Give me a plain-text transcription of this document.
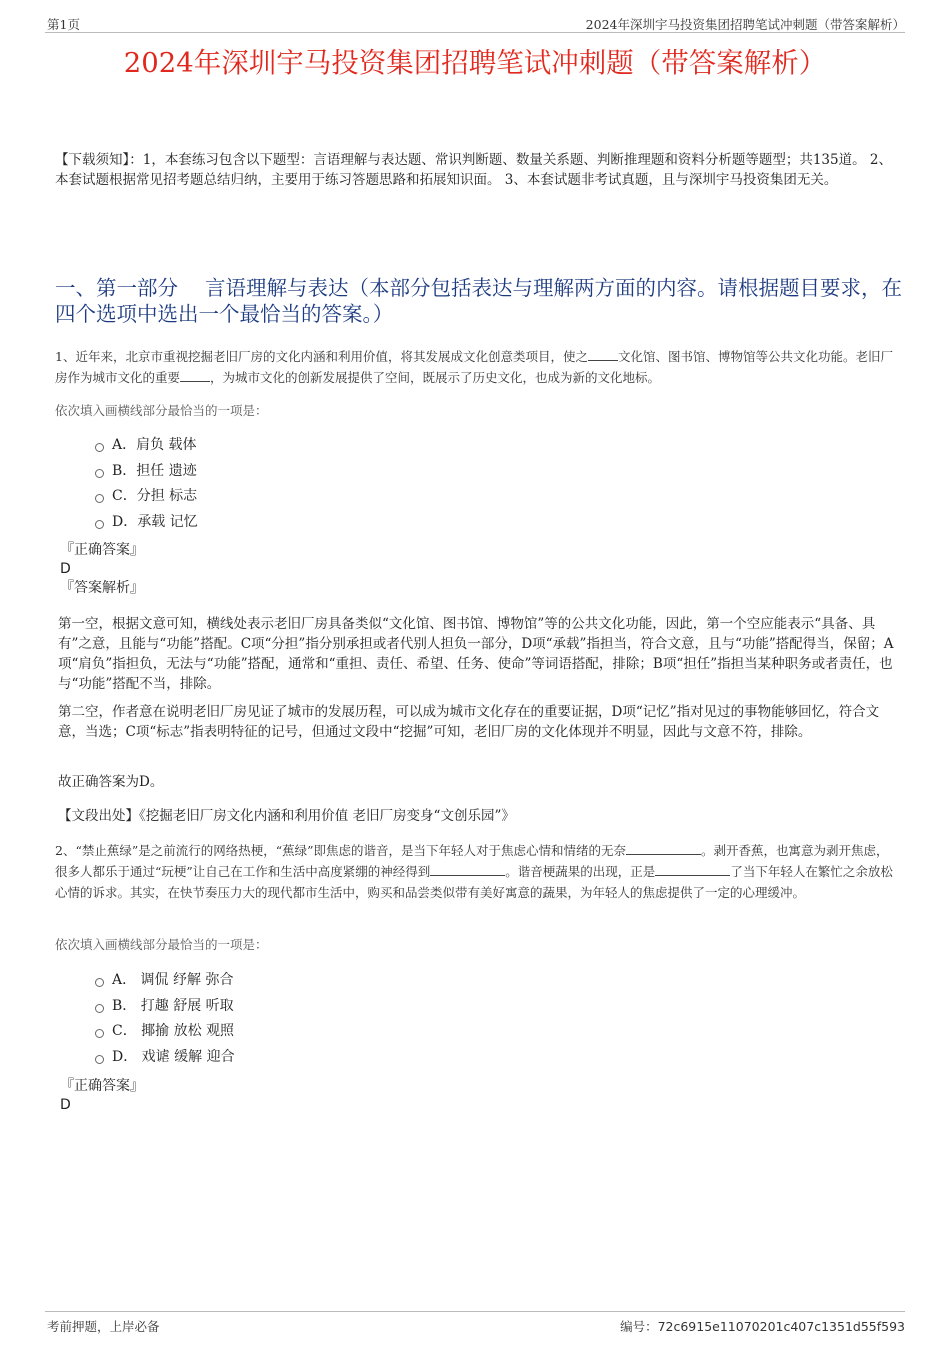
第1页	2024年深圳宇马投资集团招聘笔试冲刺题（带答案解析）
2024年深圳宇马投资集团招聘笔试冲刺题（带答案解析）
【下载须知】：1，本套练习包含以下题型：言语理解与表达题、常识判断题、数量关系题、判断推理题和资料分析题等题型；共135道。 2、本套试题根据常见招考题总结归纳，主要用于练习答题思路和拓展知识面。 3、本套试题非考试真题，且与深圳宇马投资集团无关。
一、第一部分　 言语理解与表达（本部分包括表达与理解两方面的内容。请根据题目要求，在四个选项中选出一个最恰当的答案。）
1、近年来，北京市重视挖掘老旧厂房的文化内涵和利用价值，将其发展成文化创意类项目，使之 文化馆、图书馆、博物馆等公共文化功能。老旧厂房作为城市文化的重要 ，为城市文化的创新发展提供了空间，既展示了历史文化，也成为新的文化地标。
依次填入画横线部分最恰当的一项是：
A．肩负 载体
B．担任 遗迹
C．分担 标志
D．承载 记忆
『正确答案』
D
『答案解析』

第一空，根据文意可知，横线处表示老旧厂房具备类似“文化馆、图书馆、博物馆”等的公共文化功能，因此，第一个空应能表示“具备、具有”之意，且能与“功能”搭配。C项“分担”指分别承担或者代别人担负一部分，D项“承载”指担当，符合文意，且与“功能”搭配得当，保留；A项“肩负”指担负，无法与“功能”搭配，通常和“重担、责任、希望、任务、使命”等词语搭配，排除；B项“担任”指担当某种职务或者责任，也与“功能”搭配不当，排除。

第二空，作者意在说明老旧厂房见证了城市的发展历程，可以成为城市文化存在的重要证据，D项“记忆”指对见过的事物能够回忆，符合文意，当选；C项“标志”指表明特征的记号，但通过文段中“挖掘”可知，老旧厂房的文化体现并不明显，因此与文意不符，排除。

故正确答案为D。

【文段出处】《挖掘老旧厂房文化内涵和利用价值 老旧厂房变身“文创乐园”》

2、“禁止蕉绿”是之前流行的网络热梗，“蕉绿”即焦虑的谐音，是当下年轻人对于焦虑心情和情绪的无奈	。剥开香蕉，也寓意为剥开焦虑，很多人都乐于通过“玩梗”让自己在工作和生活中高度紧绷的神经得到	。谐音梗蔬果的出现，正是	了当下年轻人在繁忙之余放松心情的诉求。其实，在快节奏压力大的现代都市生活中，购买和品尝类似带有美好寓意的蔬果，为年轻人的焦虑提供了一定的心理缓冲。
依次填入画横线部分最恰当的一项是：
A． 调侃 纾解 弥合
B． 打趣 舒展 听取
C． 揶揄 放松 观照
D． 戏谑 缓解 迎合
『正确答案』
D
考前押题，上岸必备	编号：72c6915e11070201c407c1351d55f593
